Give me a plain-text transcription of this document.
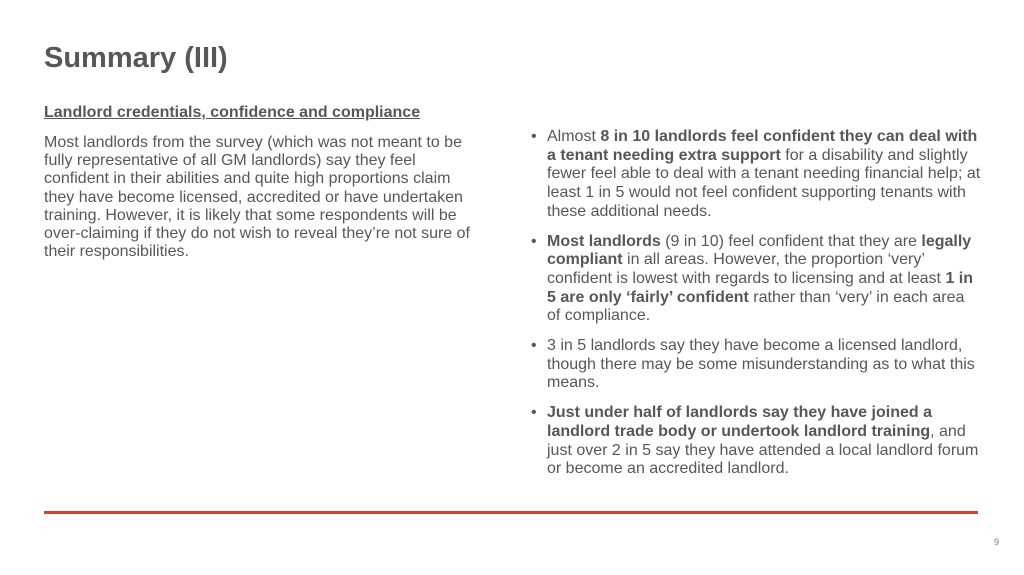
Summary (III)

Landlord credentials, confidence and compliance

Most landlords from the survey (which was not meant to be fully representative of all GM landlords) say they feel confident in their abilities and quite high proportions claim they have become licensed, accredited or have undertaken training. However, it is likely that some respondents will be over-claiming if they do not wish to reveal they’re not sure of their responsibilities.

• Almost 8 in 10 landlords feel confident they can deal with a tenant needing extra support for a disability and slightly fewer feel able to deal with a tenant needing financial help; at least 1 in 5 would not feel confident supporting tenants with these additional needs.
• Most landlords (9 in 10) feel confident that they are legally compliant in all areas. However, the proportion ‘very’ confident is lowest with regards to licensing and at least 1 in 5 are only ‘fairly’ confident rather than ‘very’ in each area of compliance.
• 3 in 5 landlords say they have become a licensed landlord, though there may be some misunderstanding as to what this means.
• Just under half of landlords say they have joined a landlord trade body or undertook landlord training, and just over 2 in 5 say they have attended a local landlord forum or become an accredited landlord.
9
